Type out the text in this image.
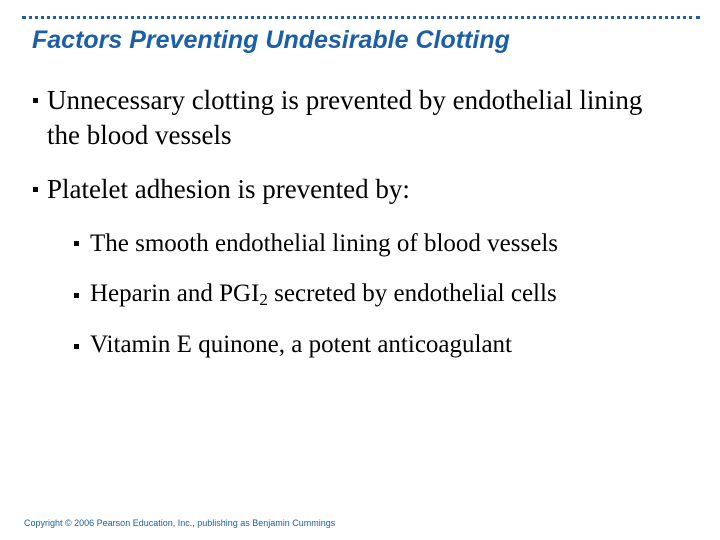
Factors Preventing Undesirable Clotting
Unnecessary clotting is prevented by endothelial lining the blood vessels
Platelet adhesion is prevented by:
The smooth endothelial lining of blood vessels
Heparin and $PGI_2$ secreted by endothelial cells
Vitamin E quinone, a potent anticoagulant
Copyright © 2006 Pearson Education, Inc., publishing as Benjamin Cummings
